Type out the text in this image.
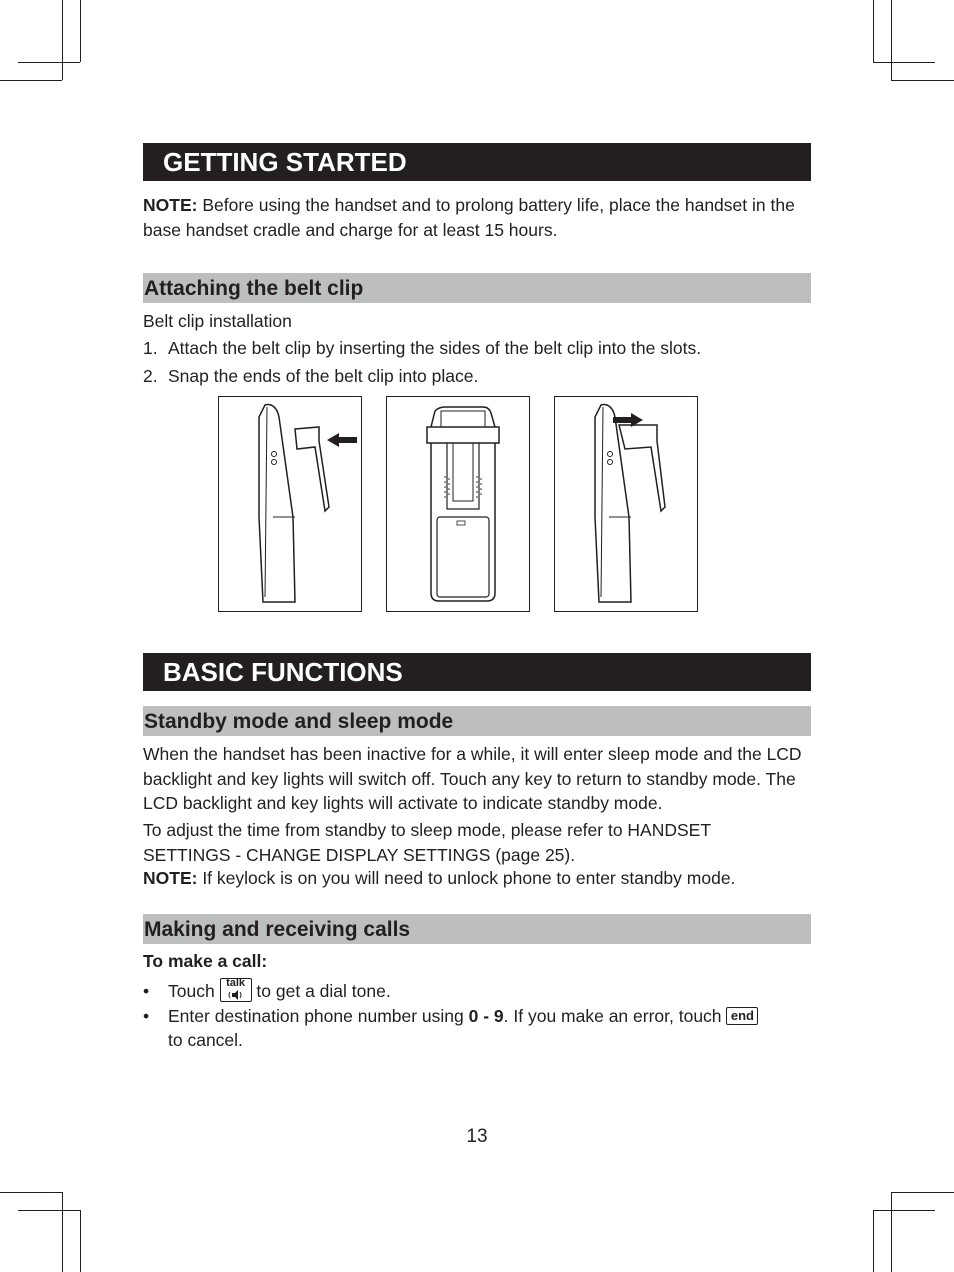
GETTING STARTED
NOTE: Before using the handset and to prolong battery life, place the handset in the base handset cradle and charge for at least 15 hours.
Attaching the belt clip
Belt clip installation
1. Attach the belt clip by inserting the sides of the belt clip into the slots.
2. Snap the ends of the belt clip into place.
BASIC FUNCTIONS
Standby mode and sleep mode
When the handset has been inactive for a while, it will enter sleep mode and the LCD backlight and key lights will switch off. Touch any key to return to standby mode. The LCD backlight and key lights will activate to indicate standby mode.
To adjust the time from standby to sleep mode, please refer to HANDSET SETTINGS - CHANGE DISPLAY SETTINGS (page 25).
NOTE: If keylock is on you will need to unlock phone to enter standby mode.
Making and receiving calls
To make a call:
• Touch talk to get a dial tone.
• Enter destination phone number using 0 - 9. If you make an error, touch end

to cancel.
13
